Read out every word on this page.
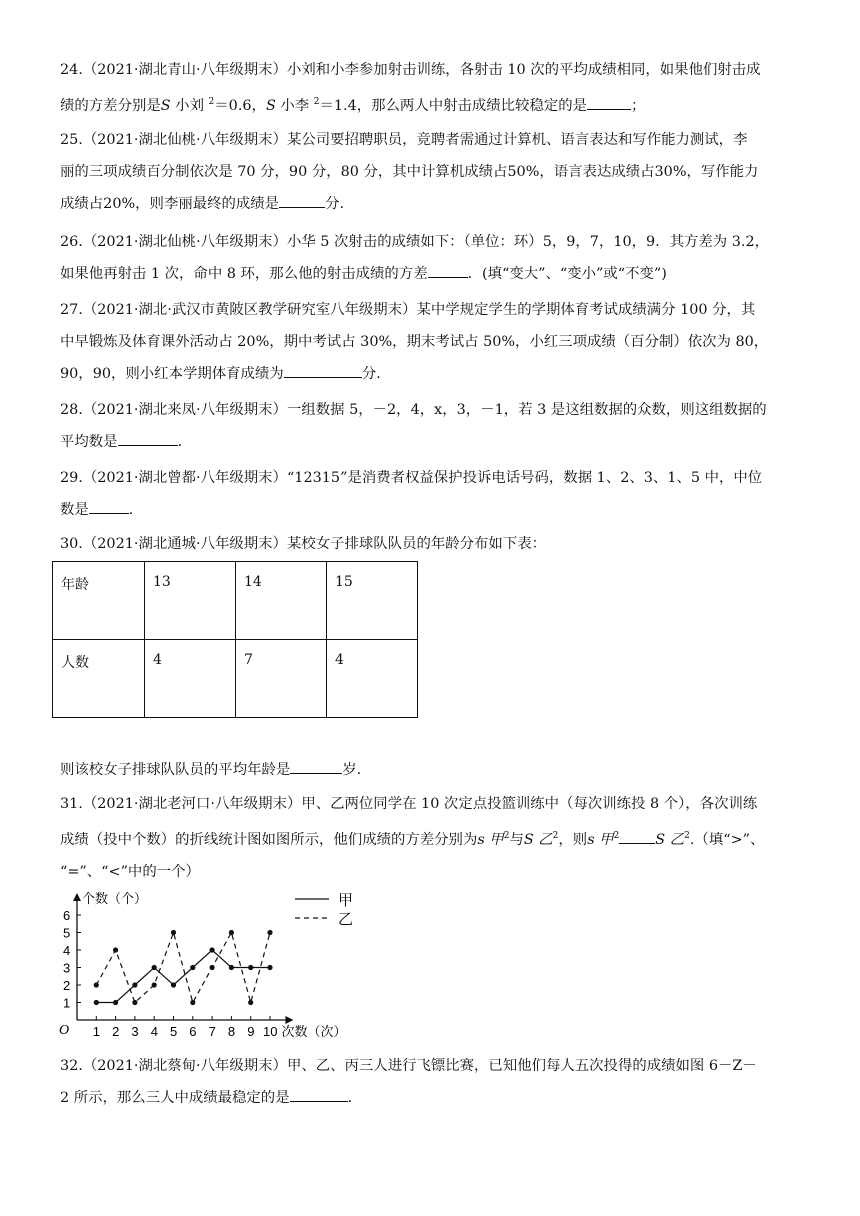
24.（2021·湖北青山·八年级期末）小刘和小李参加射击训练，各射击 10 次的平均成绩相同，如果他们射击成

绩的方差分别是S 小刘 $^2$＝0.6，S 小李 $^2$＝1.4，那么两人中射击成绩比较稳定的是	；

25.（2021·湖北仙桃·八年级期末）某公司要招聘职员，竞聘者需通过计算机、语言表达和写作能力测试，李

丽的三项成绩百分制依次是 70 分，90 分，80 分，其中计算机成绩占50%，语言表达成绩占30%，写作能力

成绩占20%，则李丽最终的成绩是	分.

26.（2021·湖北仙桃·八年级期末）小华 5 次射击的成绩如下：（单位：环）5，9，7，10，9．其方差为 3.2，

如果他再射击 1 次，命中 8 环，那么他的射击成绩的方差	．(填“变大”、“变小”或“不变”)

27.（2021·湖北·武汉市黄陂区教学研究室八年级期末）某中学规定学生的学期体育考试成绩满分 100 分，其

中早锻炼及体育课外活动占 20%，期中考试占 30%，期末考试占 50%，小红三项成绩（百分制）依次为 80，

90，90，则小红本学期体育成绩为	分.

28.（2021·湖北来凤·八年级期末）一组数据 5，－2，4，x，3，－1，若 3 是这组数据的众数，则这组数据的

平均数是	.

29.（2021·湖北曾都·八年级期末）“12315”是消费者权益保护投诉电话号码，数据 1、2、3、1、5 中，中位

数是	.

30.（2021·湖北通城·八年级期末）某校女子排球队队员的年龄分布如下表：

年龄	13	14	15
人数	4	7	4

则该校女子排球队队员的平均年龄是	岁.

31.（2021·湖北老河口·八年级期末）甲、乙两位同学在 10 次定点投篮训练中（每次训练投 8 个），各次训练

成绩（投中个数）的折线统计图如图所示，他们成绩的方差分别为s 甲$^2$与S 乙$^2$，则s 甲$^2$	S 乙$^2$.（填“>”、

“=”、“<”中的一个）

O
1
2
3
4
5
6
1 2 3 4 5 6 7 8 9 10
个数（个）
次数（次）
甲
乙

32.（2021·湖北蔡甸·八年级期末）甲、乙、丙三人进行飞镖比赛，已知他们每人五次投得的成绩如图 6－Z－

2 所示，那么三人中成绩最稳定的是	.
